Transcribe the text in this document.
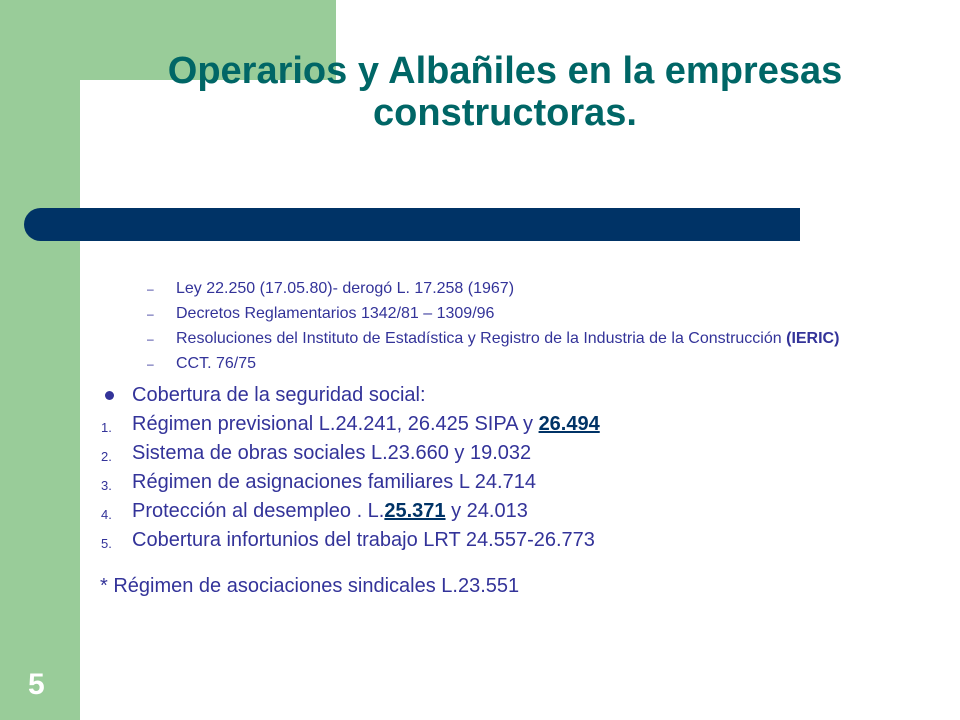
Operarios y Albañiles en la empresas
constructoras.
– Ley 22.250 (17.05.80)- derogó L. 17.258 (1967)
– Decretos Reglamentarios 1342/81 – 1309/96
– Resoluciones del Instituto de Estadística y Registro de la Industria de la Construcción (IERIC)
– CCT. 76/75
Cobertura de la seguridad social:
1. Régimen previsional L.24.241, 26.425 SIPA y 26.494
2. Sistema de obras sociales L.23.660 y 19.032
3. Régimen de asignaciones familiares L 24.714
4. Protección al desempleo . L.25.371 y 24.013
5. Cobertura infortunios del trabajo LRT 24.557-26.773
* Régimen de asociaciones sindicales L.23.551
5
